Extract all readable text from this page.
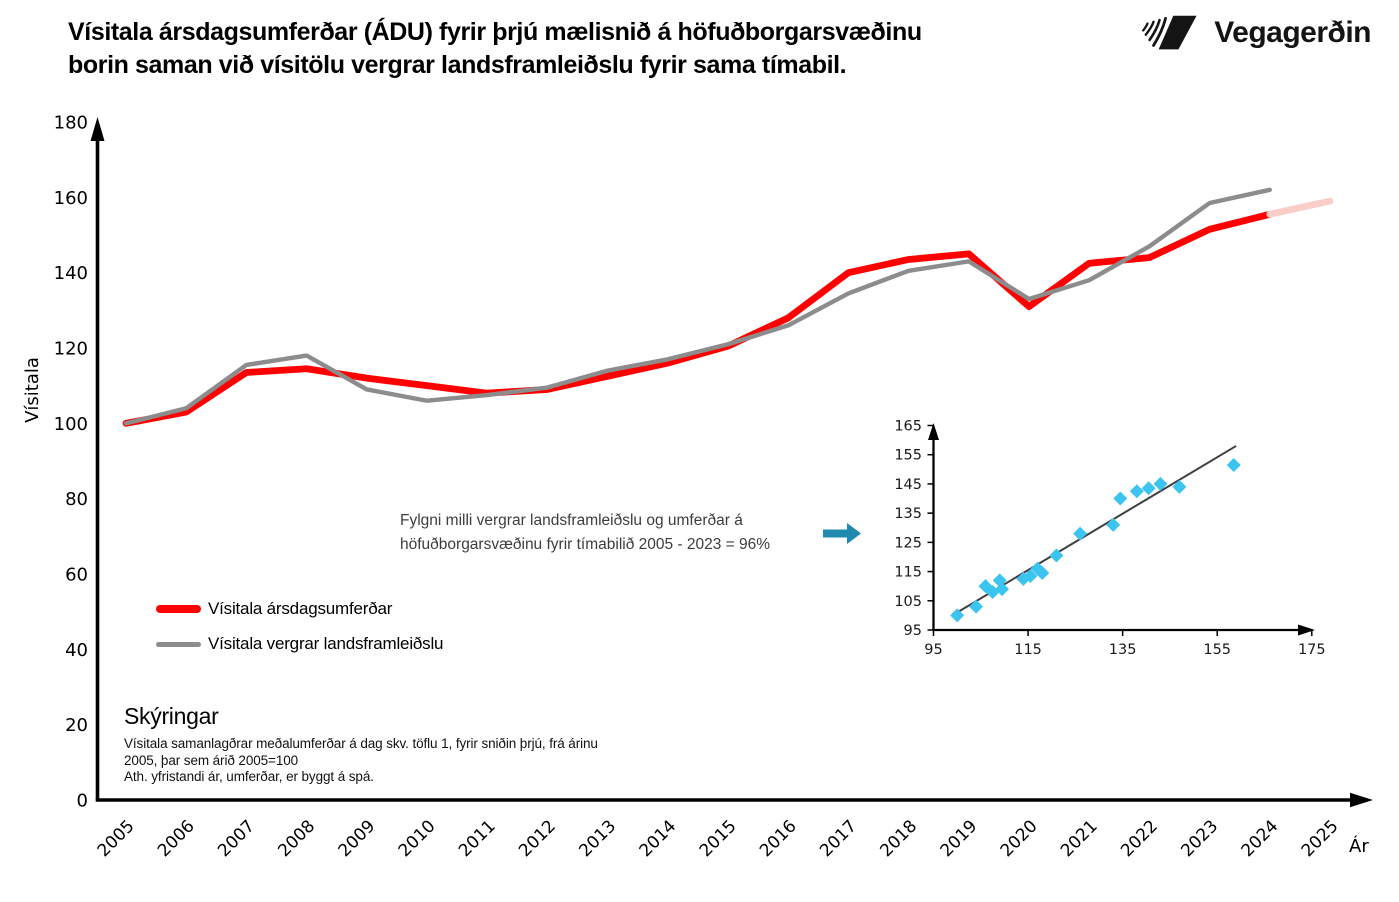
0
20
40
60
80
100
120
140
160
180
2005 2006 2007 2008 2009 2010 2011 2012 2013 2014 2015 2016 2017 2018 2019 2020 2021 2022 2023 2024 2025
Vísitala
Ár
95
105
115
125
135
145
155
165
95	115	135	155	175
Vísitala ársdagsumferðar (ÁDU) fyrir þrjú mælisnið á höfuðborgarsvæðinu
borin saman við vísitölu vergrar landsframleiðslu fyrir sama tímabil.
Vegagerðin
Fylgni milli vergrar landsframleiðslu og umferðar á
höfuðborgarsvæðinu fyrir tímabilið 2005 - 2023 = 96%
Vísitala ársdagsumferðar
Vísitala vergrar landsframleiðslu
Skýringar
Vísitala samanlagðrar meðalumferðar á dag skv. töflu 1, fyrir sniðin þrjú, frá árinu
2005, þar sem árið 2005=100
Ath. yfristandi ár, umferðar, er byggt á spá.
